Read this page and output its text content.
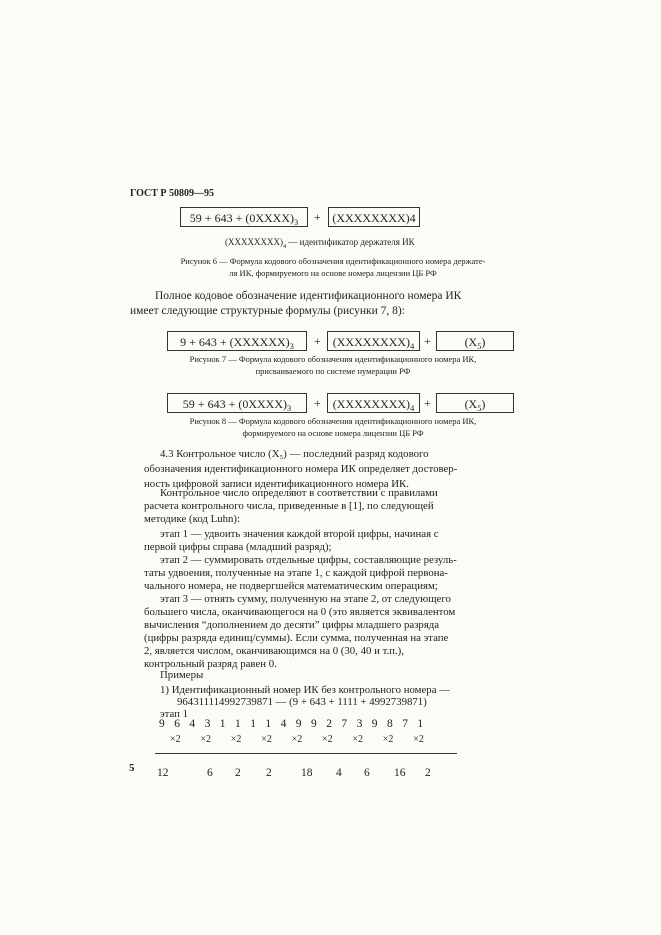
ГОСТ Р 50809—95
$59 + 643 + (0XXXX)_3$	+ (XXXXXXXX)4
$(XXXXXXXX)_4$ — идентификатор держателя ИК
Рисунок 6 — Формула кодового обозначения идентификационного номера держате-
ля ИК, формируемого на основе номера лицензии ЦБ РФ
Полное кодовое обозначение идентификационного номера ИК
имеет следующие структурные формулы (рисунки 7, 8):
$9 + 643 + (XXXXXX)_3$	+ $(XXXXXXXX)_4$ +	$(X_5)$
Рисунок 7 — Формула кодового обозначения идентификационного номера ИК,
присваиваемого по системе нумерации РФ
$59 + 643 + (0XXXX)_3$	+ $(XXXXXXXX)_4$ +	$(X_5)$
Рисунок 8 — Формула кодового обозначения идентификационного номера ИК,
формируемого на основе номера лицензии ЦБ РФ
4.3 Контрольное число (X₅) — последний разряд кодового
обозначения идентификационного номера ИК определяет достовер-
ность цифровой записи идентификационного номера ИК.
Контрольное число определяют в соответствии с правилами
расчета контрольного числа, приведенные в [1], по следующей
методике (код Luhn):
этап 1 — удвоить значения каждой второй цифры, начиная с
первой цифры справа (младший разряд);
этап 2 — суммировать отдельные цифры, составляющие резуль-
таты удвоения, полученные на этапе 1, с каждой цифрой первона-
чального номера, не подвергшейся математическим операциям;
этап 3 — отнять сумму, полученную на этапе 2, от следующего
большего числа, оканчивающегося на 0 (это является эквивалентом
вычисления “дополнением до десяти” цифры младшего разряда
(цифры разряда единиц/суммы). Если сумма, полученная на этапе
2, является числом, оканчивающимся на 0 (30, 40 и т.п.),
контрольный разряд равен 0.
Примеры
1) Идентификационный номер ИК без контрольного номера —
964311114992739871 — (9 + 643 + 1111 + 4992739871)
этап 1
5
9 6 4 3 1 1 1 1 4 9 9 2 7 3 9 8 7 1
×2 ×2 ×2 ×2 ×2 ×2 ×2 ×2 ×2
12	6 2 2	18 4 6 16 2
